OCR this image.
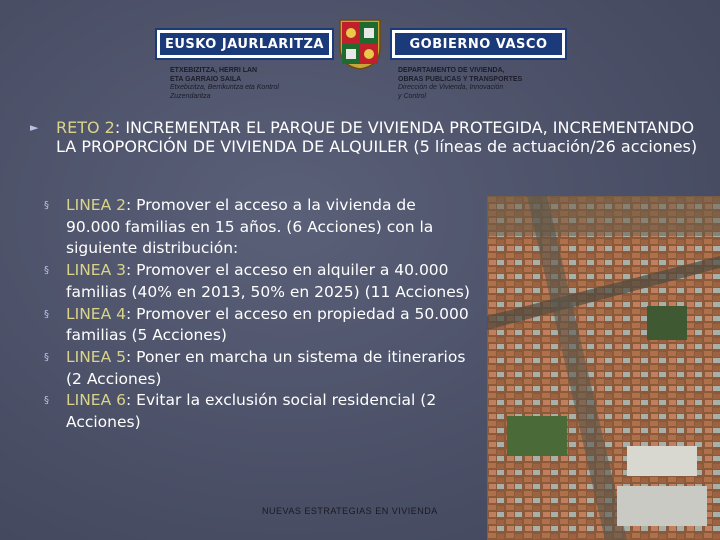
EUSKO JAURLARITZA	GOBIERNO VASCO
ETXEBIZITZA, HERRI LAN
ETA GARRAIO SAILA
Etxebizitza, Berrikuntza eta Kontrol
Zuzendaritza
DEPARTAMENTO DE VIVIENDA,
OBRAS PUBLICAS Y TRANSPORTES
Dirección de Vivienda, Innovación
y Control
► RETO 2: INCREMENTAR EL PARQUE DE VIVIENDA PROTEGIDA, INCREMENTANDO LA PROPORCIÓN DE VIVIENDA DE ALQUILER (5 líneas de actuación/26 acciones)
§ LINEA 2: Promover el acceso a la vivienda de 90.000 familias en 15 años. (6 Acciones) con la siguiente distribución:
§ LINEA 3: Promover el acceso en alquiler a 40.000 familias (40% en 2013, 50% en 2025) (11 Acciones)
§ LINEA 4: Promover el acceso en propiedad a 50.000 familias (5 Acciones)
§ LINEA 5: Poner en marcha un sistema de itinerarios (2 Acciones)
§ LINEA 6: Evitar la exclusión social residencial (2 Acciones)
NUEVAS ESTRATEGIAS EN VIVIENDA
